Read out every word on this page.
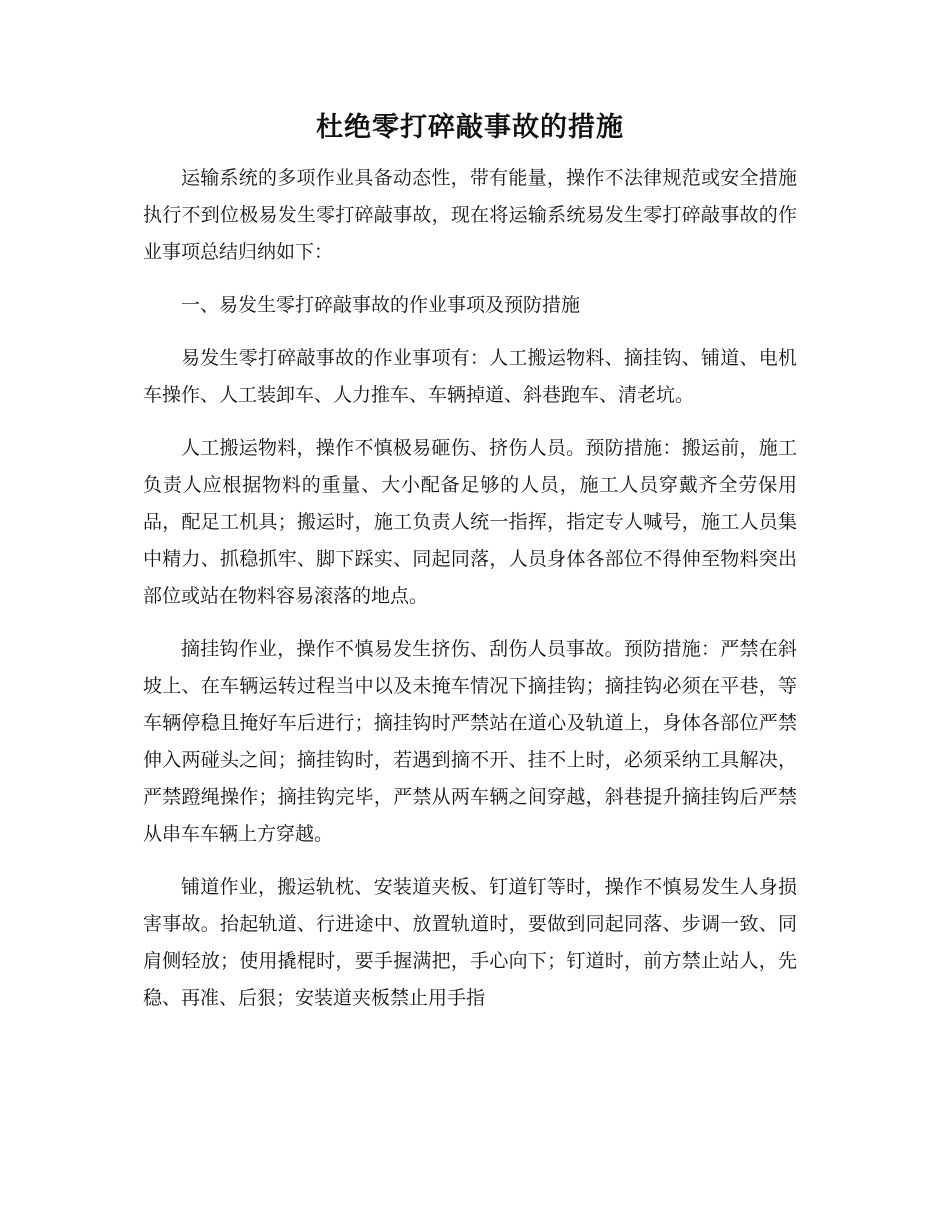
杜绝零打碎敲事故的措施

运输系统的多项作业具备动态性，带有能量，操作不法律规范或安全措施执行不到位极易发生零打碎敲事故，现在将运输系统易发生零打碎敲事故的作业事项总结归纳如下：

一、易发生零打碎敲事故的作业事项及预防措施

易发生零打碎敲事故的作业事项有：人工搬运物料、摘挂钩、铺道、电机车操作、人工装卸车、人力推车、车辆掉道、斜巷跑车、清老坑。

人工搬运物料，操作不慎极易砸伤、挤伤人员。预防措施：搬运前，施工负责人应根据物料的重量、大小配备足够的人员，施工人员穿戴齐全劳保用品，配足工机具；搬运时，施工负责人统一指挥，指定专人喊号，施工人员集中精力、抓稳抓牢、脚下踩实、同起同落，人员身体各部位不得伸至物料突出部位或站在物料容易滚落的地点。

摘挂钩作业，操作不慎易发生挤伤、刮伤人员事故。预防措施：严禁在斜坡上、在车辆运转过程当中以及未掩车情况下摘挂钩；摘挂钩必须在平巷，等车辆停稳且掩好车后进行；摘挂钩时严禁站在道心及轨道上，身体各部位严禁伸入两碰头之间；摘挂钩时，若遇到摘不开、挂不上时，必须采纳工具解决，严禁蹬绳操作；摘挂钩完毕，严禁从两车辆之间穿越，斜巷提升摘挂钩后严禁从串车车辆上方穿越。

铺道作业，搬运轨枕、安装道夹板、钉道钉等时，操作不慎易发生人身损害事故。抬起轨道、行进途中、放置轨道时，要做到同起同落、步调一致、同肩侧轻放；使用撬棍时，要手握满把，手心向下；钉道时，前方禁止站人，先稳、再准、后狠；安装道夹板禁止用手指
